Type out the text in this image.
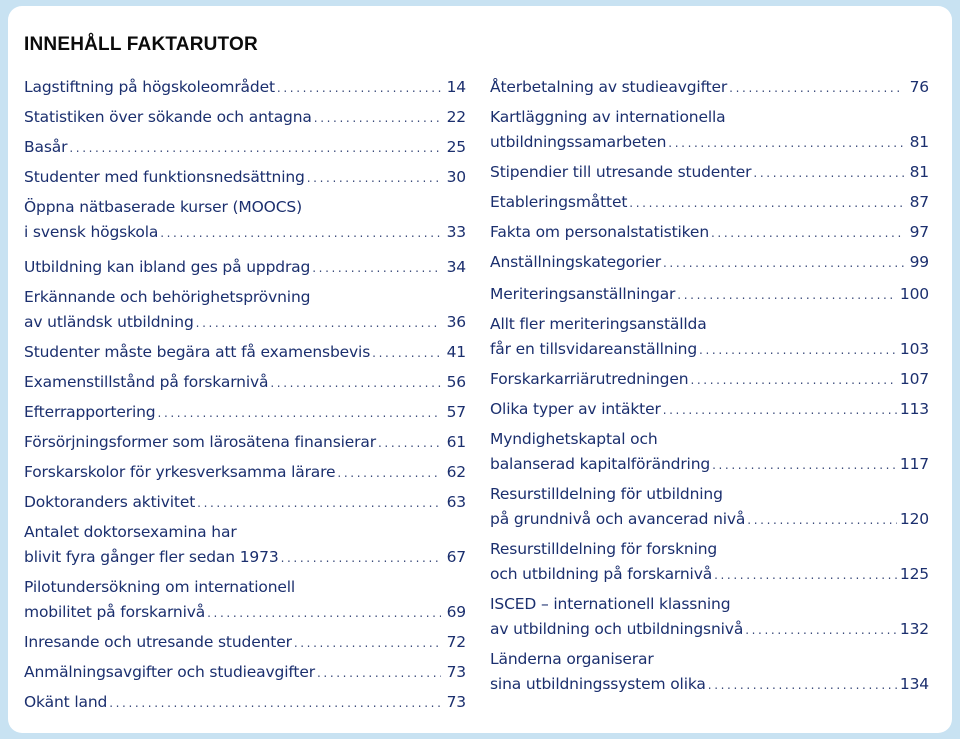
INNEHÅLL FAKTARUTOR
Lagstiftning på högskoleområdet . . .	14
Statistiken över sökande och antagna . . .	22
Basår . . .	25
Studenter med funktionsnedsättning . . .	30
Öppna nätbaserade kurser (MOOCS)
i svensk högskola . . .	33
Utbildning kan ibland ges på uppdrag . . .	34
Erkännande och behörighetsprövning
av utländsk utbildning . . .	36
Studenter måste begära att få examensbevis . . .	41
Examenstillstånd på forskarnivå . . .	56
Efterrapportering . . .	57
Försörjningsformer som lärosätena finansierar . . .	61
Forskarskolor för yrkesverksamma lärare . . .	62
Doktoranders aktivitet . . .	63
Antalet doktorsexamina har
blivit fyra gånger fler sedan 1973 . . .	67
Pilotundersökning om internationell
mobilitet på forskarnivå . . .	69
Inresande och utresande studenter . . .	72
Anmälningsavgifter och studieavgifter . . .	73
Okänt land . . .	73
Återbetalning av studieavgifter . . .	76
Kartläggning av internationella
utbildningssamarbeten . . .	81
Stipendier till utresande studenter . . .	81
Etableringsmåttet . . .	87
Fakta om personalstatistiken . . .	97
Anställningskategorier . . .	99
Meriteringsanställningar . . .	100
Allt fler meriteringsanställda
får en tillsvidareanställning . . .	103
Forskarkarriärutredningen . . .	107
Olika typer av intäkter . . .	113
Myndighetskaptal och
balanserad kapitalförändring . . .	117
Resurstilldelning för utbildning
på grundnivå och avancerad nivå . . .	120
Resurstilldelning för forskning
och utbildning på forskarnivå . . .	125
ISCED – internationell klassning
av utbildning och utbildningsnivå . . .	132
Länderna organiserar
sina utbildningssystem olika . . .	134
